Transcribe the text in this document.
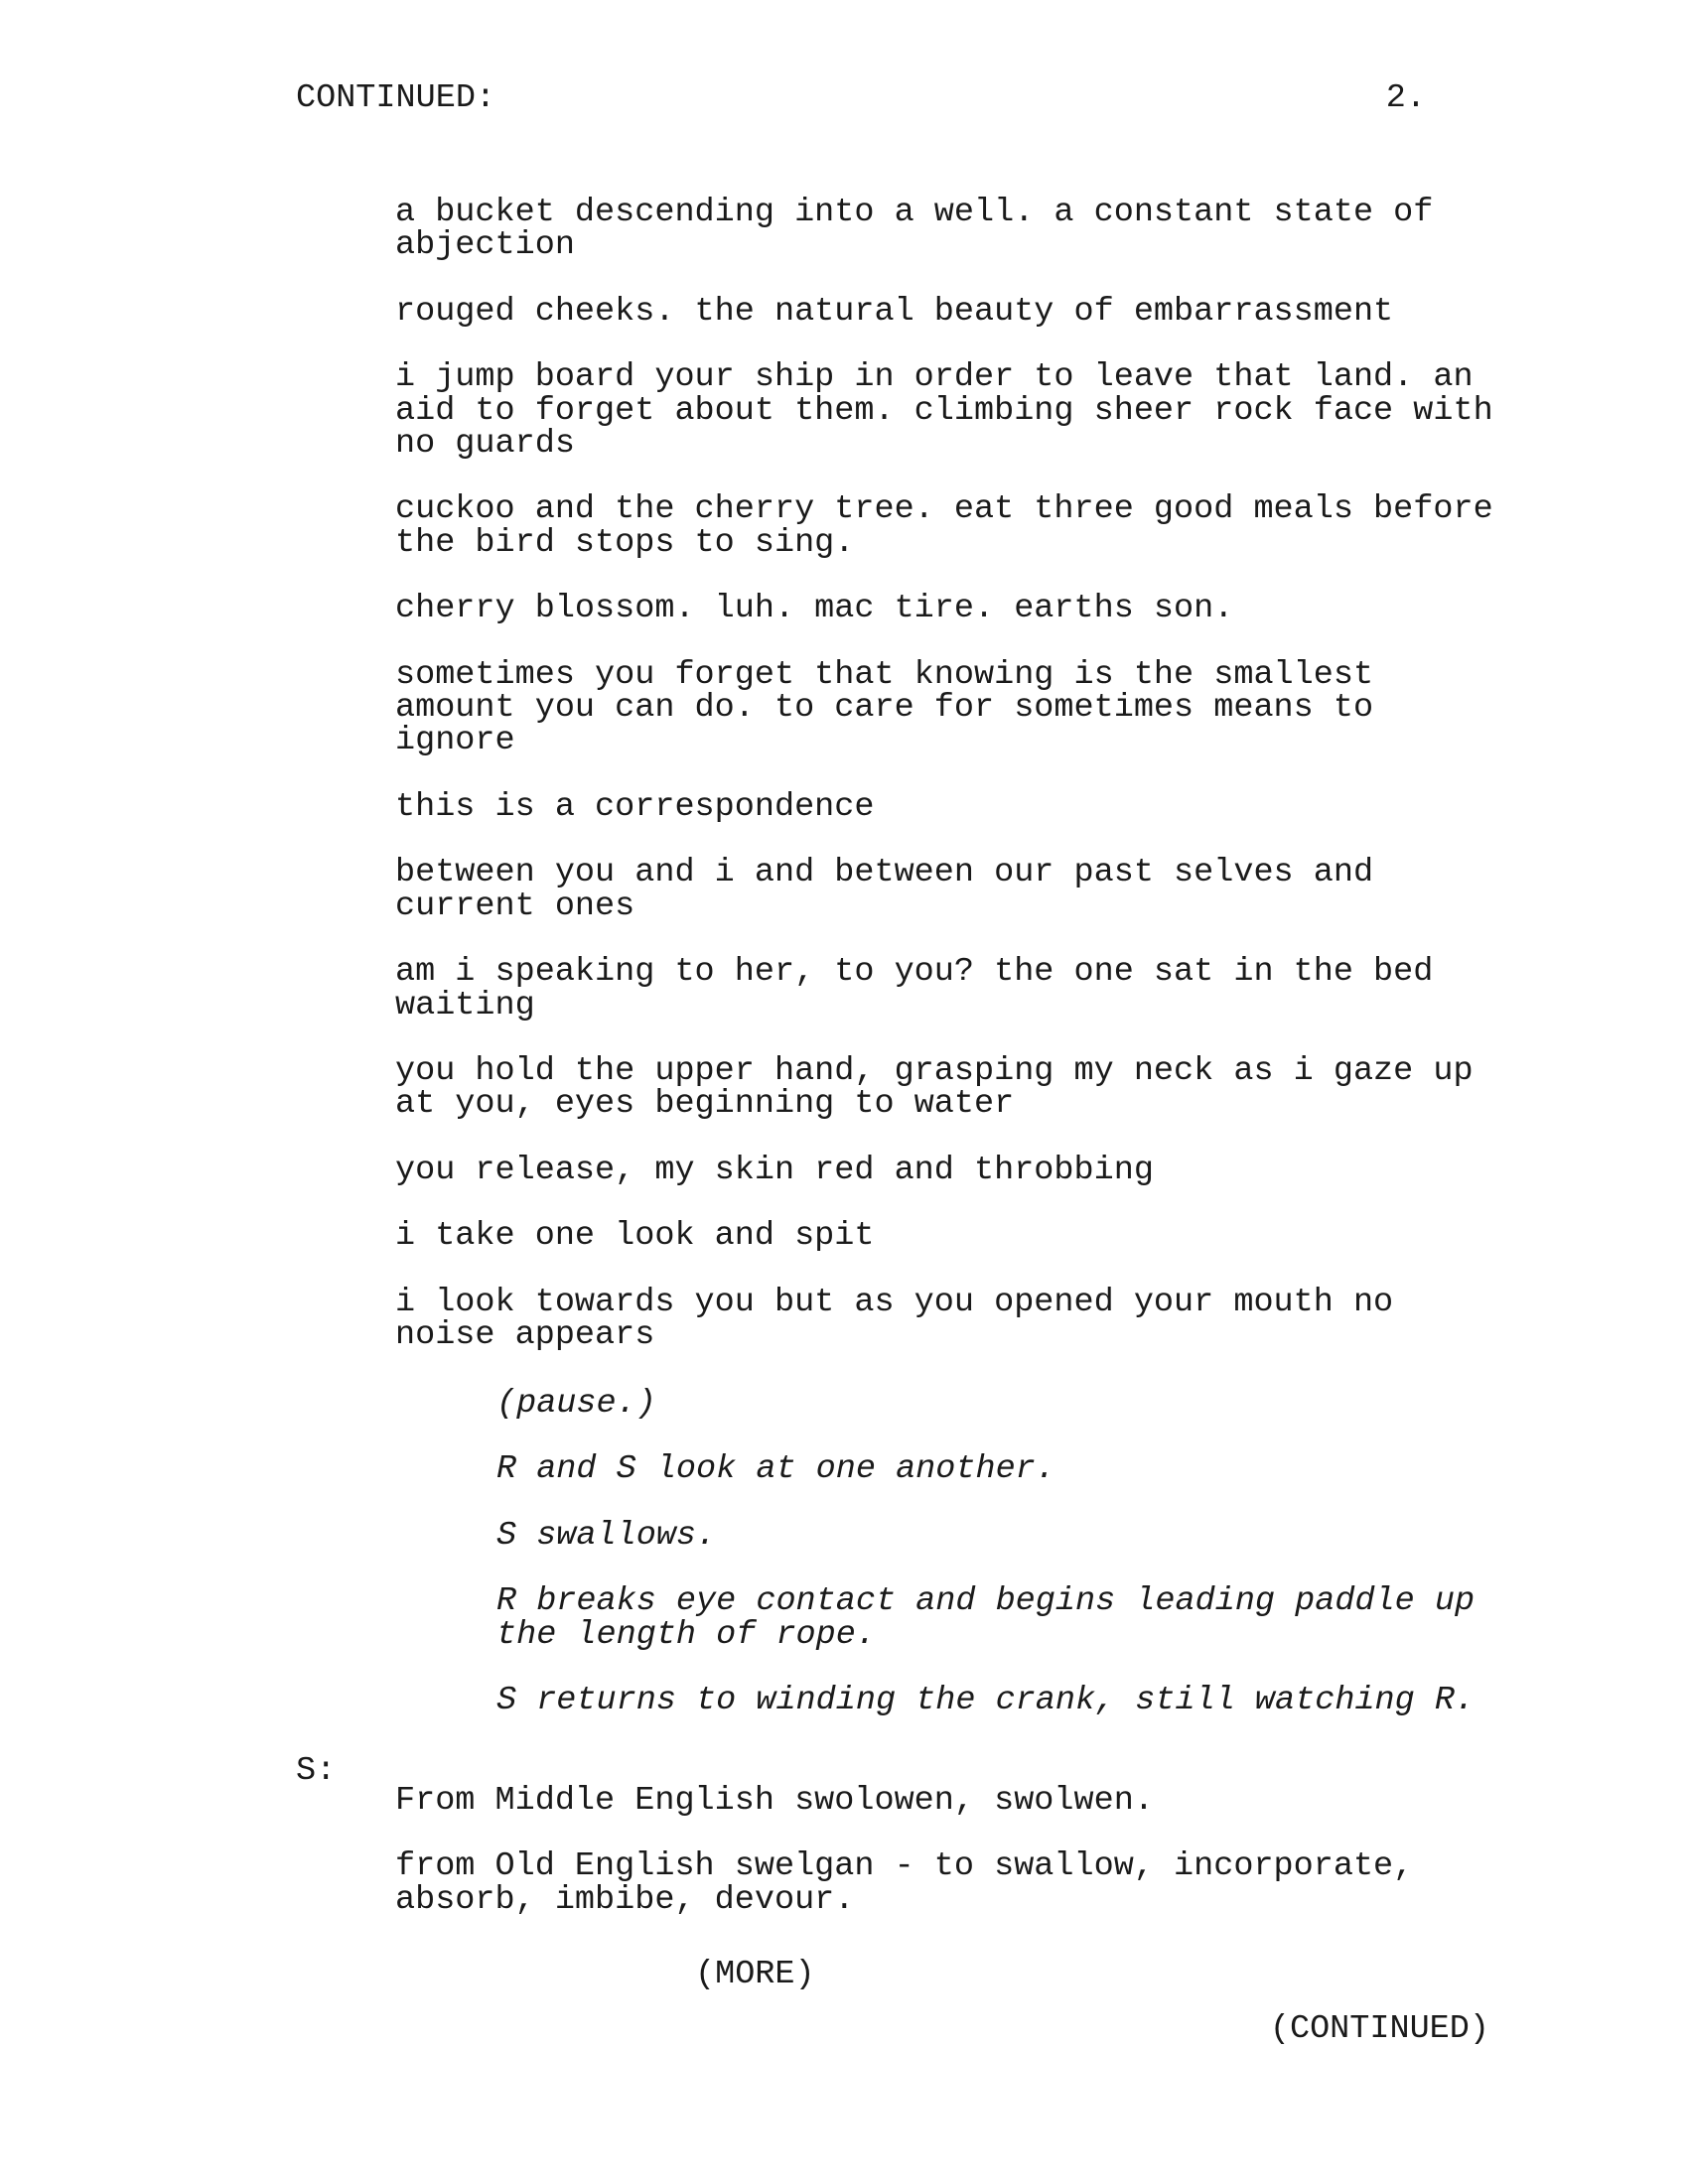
CONTINUED:	2.

a bucket descending into a well. a constant state of abjection

rouged cheeks. the natural beauty of embarrassment

i jump board your ship in order to leave that land. an aid to forget about them. climbing sheer rock face with no guards

cuckoo and the cherry tree. eat three good meals before the bird stops to sing.

cherry blossom. luh. mac tire. earths son.

sometimes you forget that knowing is the smallest amount you can do. to care for sometimes means to ignore

this is a correspondence

between you and i and between our past selves and current ones

am i speaking to her, to you? the one sat in the bed waiting

you hold the upper hand, grasping my neck as i gaze up at you, eyes beginning to water

you release, my skin red and throbbing

i take one look and spit

i look towards you but as you opened your mouth no noise appears

(pause.)

R and S look at one another.

S swallows.

R breaks eye contact and begins leading paddle up the length of rope.

S returns to winding the crank, still watching R.

S:

From Middle English swolowen, swolwen.

from Old English swelgan - to swallow, incorporate, absorb, imbibe, devour.

(MORE)
(CONTINUED)
